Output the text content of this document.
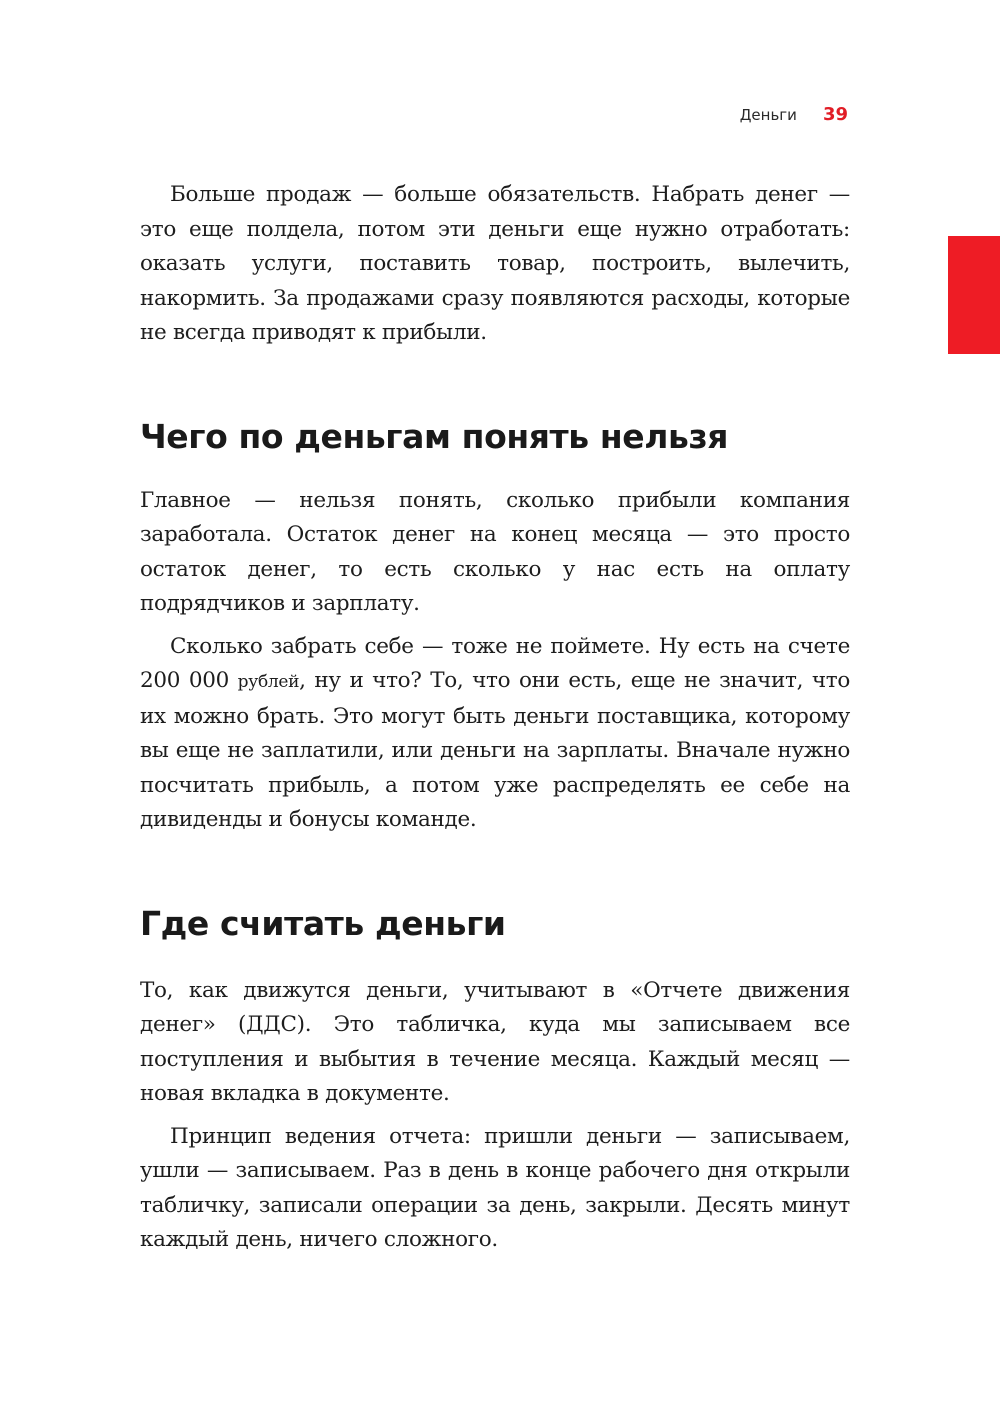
Деньги 39

Больше продаж — больше обязательств. Набрать денег — это еще полдела, потом эти деньги еще нужно отработать: оказать услуги, поставить товар, построить, вылечить, накормить. За продажами сразу появляются расходы, которые не всегда приводят к прибыли.

Чего по деньгам понять нельзя

Главное — нельзя понять, сколько прибыли компания заработала. Остаток денег на конец месяца — это просто остаток денег, то есть сколько у нас есть на оплату подрядчиков и зарплату.

Сколько забрать себе — тоже не поймете. Ну есть на счете 200 000 рублей, ну и что? То, что они есть, еще не значит, что их можно брать. Это могут быть деньги поставщика, которому вы еще не заплатили, или деньги на зарплаты. Вначале нужно посчитать прибыль, а потом уже распределять ее себе на дивиденды и бонусы команде.

Где считать деньги

То, как движутся деньги, учитывают в «Отчете движения денег» (ДДС). Это табличка, куда мы записываем все поступления и выбытия в течение месяца. Каждый месяц — новая вкладка в документе.

Принцип ведения отчета: пришли деньги — записываем, ушли — записываем. Раз в день в конце рабочего дня открыли табличку, записали операции за день, закрыли. Десять минут каждый день, ничего сложного.
